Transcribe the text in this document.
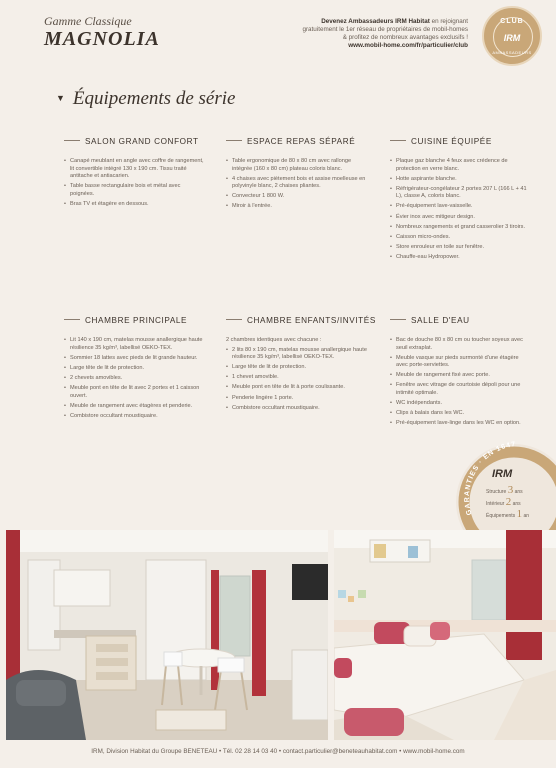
Gamme Classique
MAGNOLIA
Devenez Ambassadeurs IRM Habitat en rejoignant
gratuitement le 1er réseau de propriétaires de mobil-homes
& profitez de nombreux avantages exclusifs !
www.mobil-home.com/fr/particulier/club
CLUB
IRM
AMBASSADEURS
▼ Équipements de série
SALON GRAND CONFORT
• Canapé meublant en angle avec coffre de rangement, lit convertible intégré 130 x 190 cm. Tissu traité antitache et antiacarien.
• Table basse rectangulaire bois et métal avec poignées.
• Bras TV et étagère en dessous.
ESPACE REPAS SÉPARÉ
• Table ergonomique de 80 x 80 cm avec rallonge intégrée (160 x 80 cm) plateau coloris blanc.
• 4 chaises avec piètement bois et assise moelleuse en polyvinyle blanc, 2 chaises pliantes.
• Convecteur 1 800 W.
• Miroir à l'entrée.
CUISINE ÉQUIPÉE
• Plaque gaz blanche 4 feux avec crédence de protection en verre blanc.
• Hotte aspirante blanche.
• Réfrigérateur-congélateur 2 portes 207 L (166 L + 41 L), classe A, coloris blanc.
• Pré-équipement lave-vaisselle.
• Évier inox avec mitigeur design.
• Nombreux rangements et grand casserolier 3 tiroirs.
• Caisson micro-ondes.
• Store enrouleur en toile sur fenêtre.
• Chauffe-eau Hydropower.
CHAMBRE PRINCIPALE
• Lit 140 x 190 cm, matelas mousse anallergique haute résilience 35 kg/m³, labellisé OEKO-TEX.
• Sommier 18 lattes avec pieds de lit grande hauteur.
• Large tête de lit de protection.
• 2 chevets amovibles.
• Meuble pont en tête de lit avec 2 portes et 1 caisson ouvert.
• Meuble de rangement avec étagères et penderie.
• Combistore occultant moustiquaire.
CHAMBRE ENFANTS/INVITÉS
2 chambres identiques avec chacune :
• 2 lits 80 x 190 cm, matelas mousse anallergique haute résilience 35 kg/m³, labellisé OEKO-TEX.
• Large tête de lit de protection.
• 1 chevet amovible.
• Meuble pont en tête de lit à porte coulissante.
• Penderie lingère 1 porte.
• Combistore occultant moustiquaire.
SALLE D'EAU
• Bac de douche 80 x 80 cm ou toucher soyeux avec seuil extraplat.
• Meuble vasque sur pieds surmonté d'une étagère avec porte-serviettes.
• Meuble de rangement fixé avec porte.
• Fenêtre avec vitrage de courtoisie dépoli pour une intimité optimale.
• WC indépendants.
• Clips à balais dans les WC.
• Pré-équipement lave-linge dans les WC en option.
GARANTIES · EN 1647
IRM
Structure 3 ans
Intérieur 2 ans
Équipements 1 an
IRM, Division Habitat du Groupe BENETEAU • Tél. 02 28 14 03 40 • contact.particulier@beneteauhabitat.com • www.mobil-home.com
